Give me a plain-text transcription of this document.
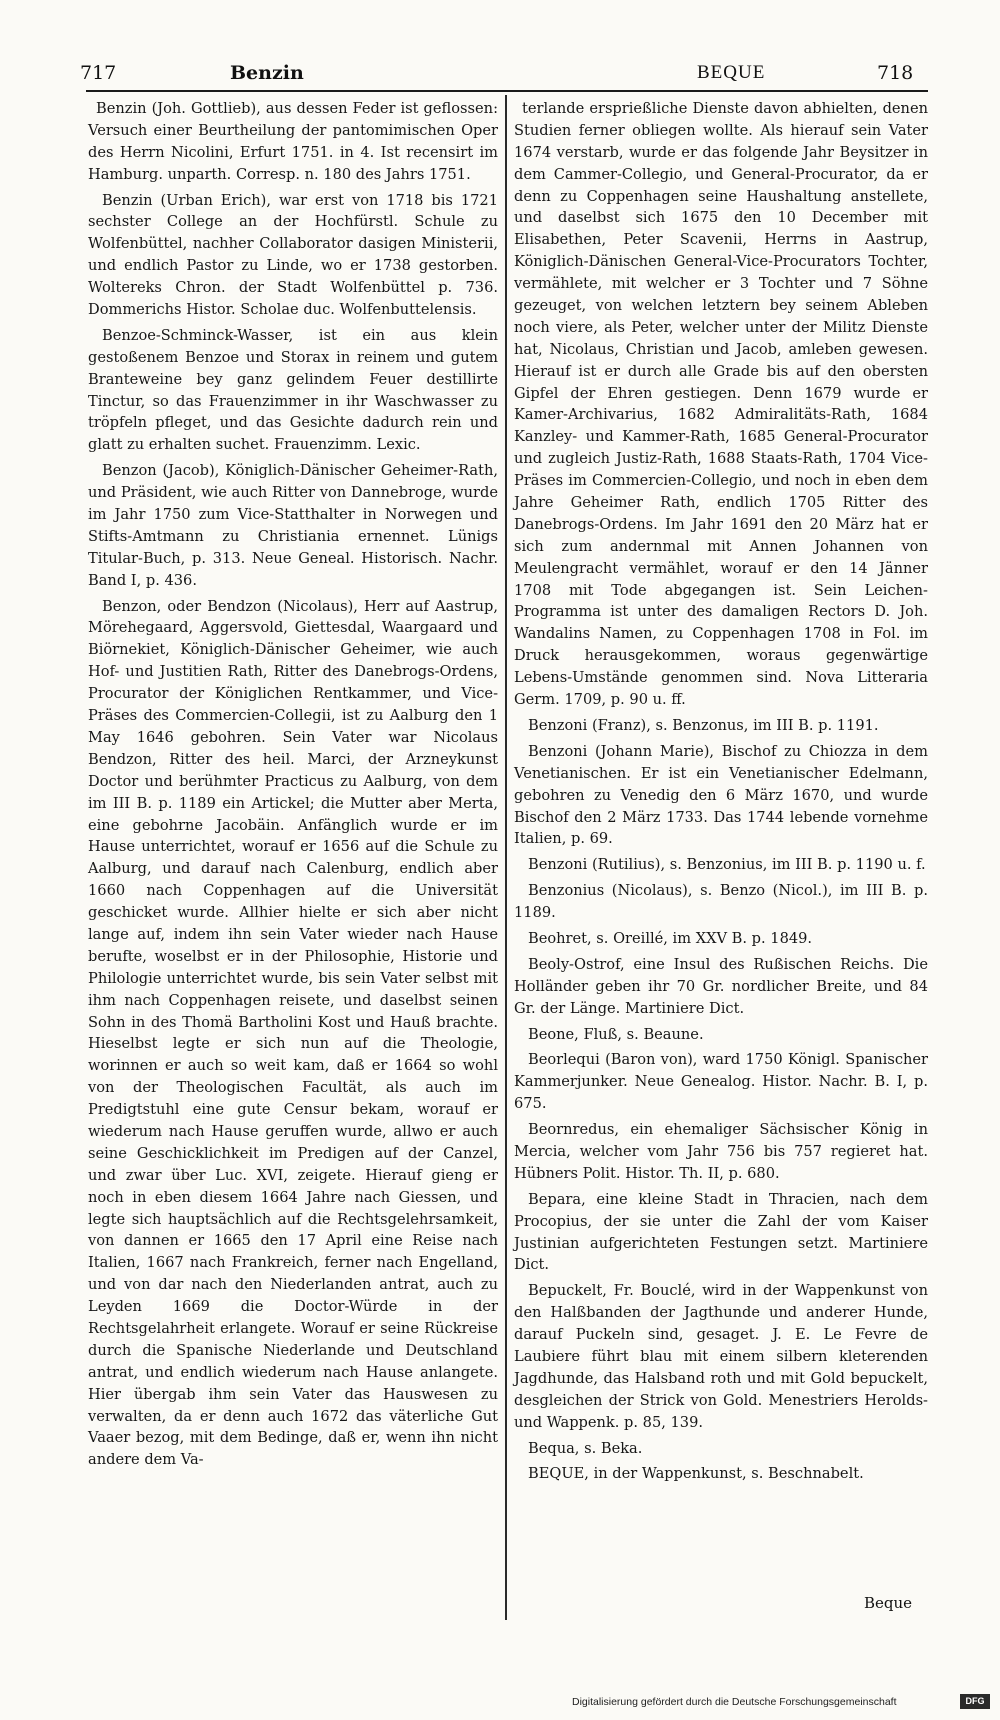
717	Benzin	BEQUE	718

Benzin (Joh. Gottlieb), aus dessen Feder ist geflossen: Versuch einer Beurtheilung der pantomimischen Oper des Herrn Nicolini, Erfurt 1751. in 4. Ist recensirt im Hamburg. unparth. Corresp. n. 180 des Jahrs 1751.

Benzin (Urban Erich), war erst von 1718 bis 1721 sechster College an der Hochfürstl. Schule zu Wolfenbüttel, nachher Collaborator dasigen Ministerii, und endlich Pastor zu Linde, wo er 1738 gestorben. Woltereks Chron. der Stadt Wolfenbüttel p. 736. Dommerichs Histor. Scholae duc. Wolfenbuttelensis.

Benzoe-Schminck-Wasser, ist ein aus klein gestoßenem Benzoe und Storax in reinem und gutem Branteweine bey ganz gelindem Feuer destillirte Tinctur, so das Frauenzimmer in ihr Waschwasser zu tröpfeln pfleget, und das Gesichte dadurch rein und glatt zu erhalten suchet. Frauenzimm. Lexic.

Benzon (Jacob), Königlich-Dänischer Geheimer-Rath, und Präsident, wie auch Ritter von Dannebroge, wurde im Jahr 1750 zum Vice-Statthalter in Norwegen und Stifts-Amtmann zu Christiania ernennet. Lünigs Titular-Buch, p. 313. Neue Geneal. Historisch. Nachr. Band I, p. 436.

Benzon, oder Bendzon (Nicolaus), Herr auf Aastrup, Mörehegaard, Aggersvold, Giettesdal, Waargaard und Biörnekiet, Königlich-Dänischer Geheimer, wie auch Hof- und Justitien Rath, Ritter des Danebrogs-Ordens, Procurator der Königlichen Rentkammer, und Vice-Präses des Commercien-Collegii, ist zu Aalburg den 1 May 1646 gebohren. Sein Vater war Nicolaus Bendzon, Ritter des heil. Marci, der Arzneykunst Doctor und berühmter Practicus zu Aalburg, von dem im III B. p. 1189 ein Artickel; die Mutter aber Merta, eine gebohrne Jacobäin. Anfänglich wurde er im Hause unterrichtet, worauf er 1656 auf die Schule zu Aalburg, und darauf nach Calenburg, endlich aber 1660 nach Coppenhagen auf die Universität geschicket wurde. Allhier hielte er sich aber nicht lange auf, indem ihn sein Vater wieder nach Hause berufte, woselbst er in der Philosophie, Historie und Philologie unterrichtet wurde, bis sein Vater selbst mit ihm nach Coppenhagen reisete, und daselbst seinen Sohn in des Thomä Bartholini Kost und Hauß brachte. Hieselbst legte er sich nun auf die Theologie, worinnen er auch so weit kam, daß er 1664 so wohl von der Theologischen Facultät, als auch im Predigtstuhl eine gute Censur bekam, worauf er wiederum nach Hause geruffen wurde, allwo er auch seine Geschicklichkeit im Predigen auf der Canzel, und zwar über Luc. XVI, zeigete. Hierauf gieng er noch in eben diesem 1664 Jahre nach Giessen, und legte sich hauptsächlich auf die Rechtsgelehrsamkeit, von dannen er 1665 den 17 April eine Reise nach Italien, 1667 nach Frankreich, ferner nach Engelland, und von dar nach den Niederlanden antrat, auch zu Leyden 1669 die Doctor-Würde in der Rechtsgelahrheit erlangete. Worauf er seine Rückreise durch die Spanische Niederlande und Deutschland antrat, und endlich wiederum nach Hause anlangete. Hier übergab ihm sein Vater das Hauswesen zu verwalten, da er denn auch 1672 das väterliche Gut Vaaer bezog, mit dem Bedinge, daß er, wenn ihn nicht andere dem Va-

terlande ersprießliche Dienste davon abhielten, denen Studien ferner obliegen wollte. Als hierauf sein Vater 1674 verstarb, wurde er das folgende Jahr Beysitzer in dem Cammer-Collegio, und General-Procurator, da er denn zu Coppenhagen seine Haushaltung anstellete, und daselbst sich 1675 den 10 December mit Elisabethen, Peter Scavenii, Herrns in Aastrup, Königlich-Dänischen General-Vice-Procurators Tochter, vermählete, mit welcher er 3 Tochter und 7 Söhne gezeuget, von welchen letztern bey seinem Ableben noch viere, als Peter, welcher unter der Militz Dienste hat, Nicolaus, Christian und Jacob, amleben gewesen. Hierauf ist er durch alle Grade bis auf den obersten Gipfel der Ehren gestiegen. Denn 1679 wurde er Kamer-Archivarius, 1682 Admiralitäts-Rath, 1684 Kanzley- und Kammer-Rath, 1685 General-Procurator und zugleich Justiz-Rath, 1688 Staats-Rath, 1704 Vice-Präses im Commercien-Collegio, und noch in eben dem Jahre Geheimer Rath, endlich 1705 Ritter des Danebrogs-Ordens. Im Jahr 1691 den 20 März hat er sich zum andernmal mit Annen Johannen von Meulengracht vermählet, worauf er den 14 Jänner 1708 mit Tode abgegangen ist. Sein Leichen-Programma ist unter des damaligen Rectors D. Joh. Wandalins Namen, zu Coppenhagen 1708 in Fol. im Druck herausgekommen, woraus gegenwärtige Lebens-Umstände genommen sind. Nova Litteraria Germ. 1709, p. 90 u. ff.

Benzoni (Franz), s. Benzonus, im III B. p. 1191.

Benzoni (Johann Marie), Bischof zu Chiozza in dem Venetianischen. Er ist ein Venetianischer Edelmann, gebohren zu Venedig den 6 März 1670, und wurde Bischof den 2 März 1733. Das 1744 lebende vornehme Italien, p. 69.

Benzoni (Rutilius), s. Benzonius, im III B. p. 1190 u. f.

Benzonius (Nicolaus), s. Benzo (Nicol.), im III B. p. 1189.

Beohret, s. Oreillé, im XXV B. p. 1849.

Beoly-Ostrof, eine Insul des Rußischen Reichs. Die Holländer geben ihr 70 Gr. nordlicher Breite, und 84 Gr. der Länge. Martiniere Dict.

Beone, Fluß, s. Beaune.

Beorlequi (Baron von), ward 1750 Königl. Spanischer Kammerjunker. Neue Genealog. Histor. Nachr. B. I, p. 675.

Beornredus, ein ehemaliger Sächsischer König in Mercia, welcher vom Jahr 756 bis 757 regieret hat. Hübners Polit. Histor. Th. II, p. 680.

Bepara, eine kleine Stadt in Thracien, nach dem Procopius, der sie unter die Zahl der vom Kaiser Justinian aufgerichteten Festungen setzt. Martiniere Dict.

Bepuckelt, Fr. Bouclé, wird in der Wappenkunst von den Halßbanden der Jagthunde und anderer Hunde, darauf Puckeln sind, gesaget. J. E. Le Fevre de Laubiere führt blau mit einem silbern kleterenden Jagdhunde, das Halsband roth und mit Gold bepuckelt, desgleichen der Strick von Gold. Menestriers Herolds- und Wappenk. p. 85, 139.

Bequa, s. Beka.

BEQUE, in der Wappenkunst, s. Beschnabelt.

Beque
Digitalisierung gefördert durch die Deutsche Forschungsgemeinschaft	DFG
